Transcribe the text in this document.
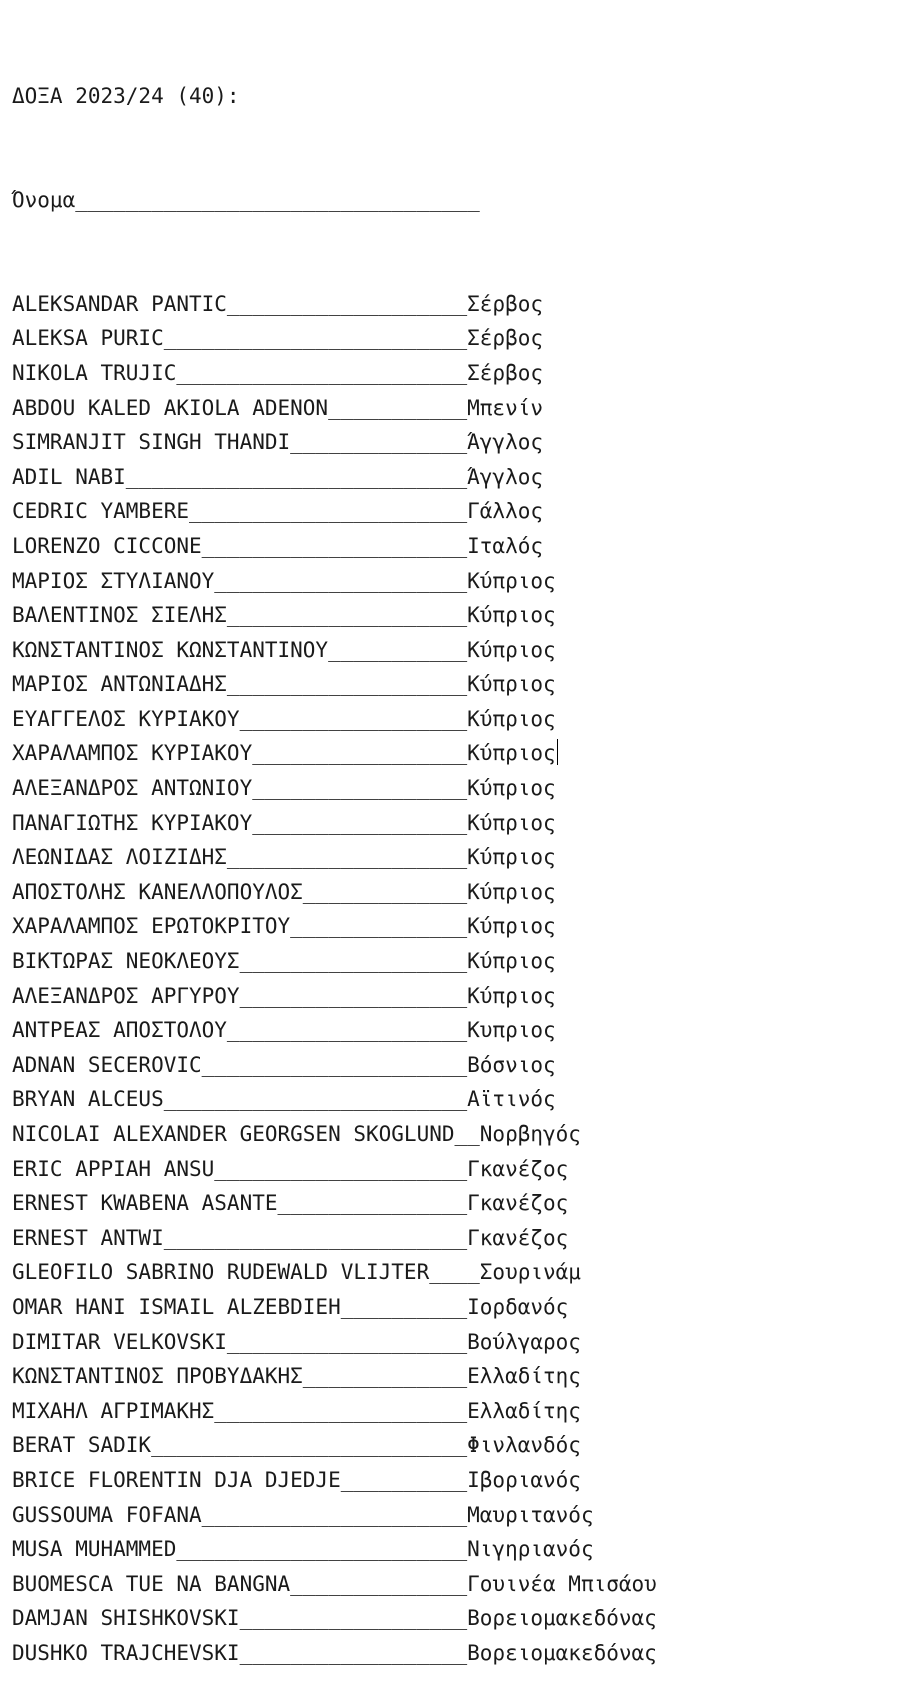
ΔΟΞΑ 2023/24 (40):

Όνομα________________________________

ALEKSANDAR PANTIC___________________Σέρβος
ALEKSA PURIC________________________Σέρβος
NIKOLA TRUJIC_______________________Σέρβος
ABDOU KALED AKIOLA ADENON___________Μπενίν
SIMRANJIT SINGH THANDI______________Άγγλος
ADIL NABI___________________________Άγγλος
CEDRIC YAMBERE______________________Γάλλος
LORENZO CICCONE_____________________Ιταλός
ΜΑΡΙΟΣ ΣΤΥΛΙΑΝΟΥ____________________Κύπριος
ΒΑΛΕΝΤΙΝΟΣ ΣΙΕΛΗΣ___________________Κύπριος
ΚΩΝΣΤΑΝΤΙΝΟΣ ΚΩΝΣΤΑΝΤΙΝΟΥ___________Κύπριος
ΜΑΡΙΟΣ ΑΝΤΩΝΙΑΔΗΣ___________________Κύπριος
ΕΥΑΓΓΕΛΟΣ ΚΥΡΙΑΚΟΥ__________________Κύπριος
ΧΑΡΑΛΑΜΠΟΣ ΚΥΡΙΑΚΟΥ_________________Κύπριος
ΑΛΕΞΑΝΔΡΟΣ ΑΝΤΩΝΙΟΥ_________________Κύπριος
ΠΑΝΑΓΙΩΤΗΣ ΚΥΡΙΑΚΟΥ_________________Κύπριος
ΛΕΩΝΙΔΑΣ ΛΟΙΖΙΔΗΣ___________________Κύπριος
ΑΠΟΣΤΟΛΗΣ ΚΑΝΕΛΛΟΠΟΥΛΟΣ_____________Κύπριος
ΧΑΡΑΛΑΜΠΟΣ ΕΡΩΤΟΚΡΙΤΟΥ______________Κύπριος
ΒΙΚΤΩΡΑΣ ΝΕΟΚΛΕΟΥΣ__________________Κύπριος
ΑΛΕΞΑΝΔΡΟΣ ΑΡΓΥΡΟΥ__________________Κύπριος
ΑΝΤΡΕΑΣ ΑΠΟΣΤΟΛΟΥ___________________Κυπριος
ADNAN SECEROVIC_____________________Βόσνιος
BRYAN ALCEUS________________________Αϊτινός
NICOLAI ALEXANDER GEORGSEN SKOGLUND__Νορβηγός
ERIC APPIAH ANSU____________________Γκανέζος
ERNEST KWABENA ASANTE_______________Γκανέζος
ERNEST ANTWI________________________Γκανέζος
GLEOFILO SABRINO RUDEWALD VLIJTER____Σουρινάμ
OMAR HANI ISMAIL ALZEBDIEH__________Ιορδανός
DIMITAR VELKOVSKI___________________Βούλγαρος
ΚΩΝΣΤΑΝΤΙΝΟΣ ΠΡΟΒΥΔΑΚΗΣ_____________Ελλαδίτης
ΜΙΧΑΗΛ ΑΓΡΙΜΑΚΗΣ____________________Ελλαδίτης
BERAT SADIK_________________________Φινλανδός
BRICE FLORENTIN DJA DJEDJE__________Ιβοριανός
GUSSOUMA FOFANA_____________________Μαυριτανός
MUSA MUHAMMED_______________________Νιγηριανός
BUOMESCA TUE NA BANGNA______________Γουινέα Μπισάου
DAMJAN SHISHKOVSKI__________________Βορειομακεδόνας
DUSHKO TRAJCHEVSKI__________________Βορειομακεδόνας
